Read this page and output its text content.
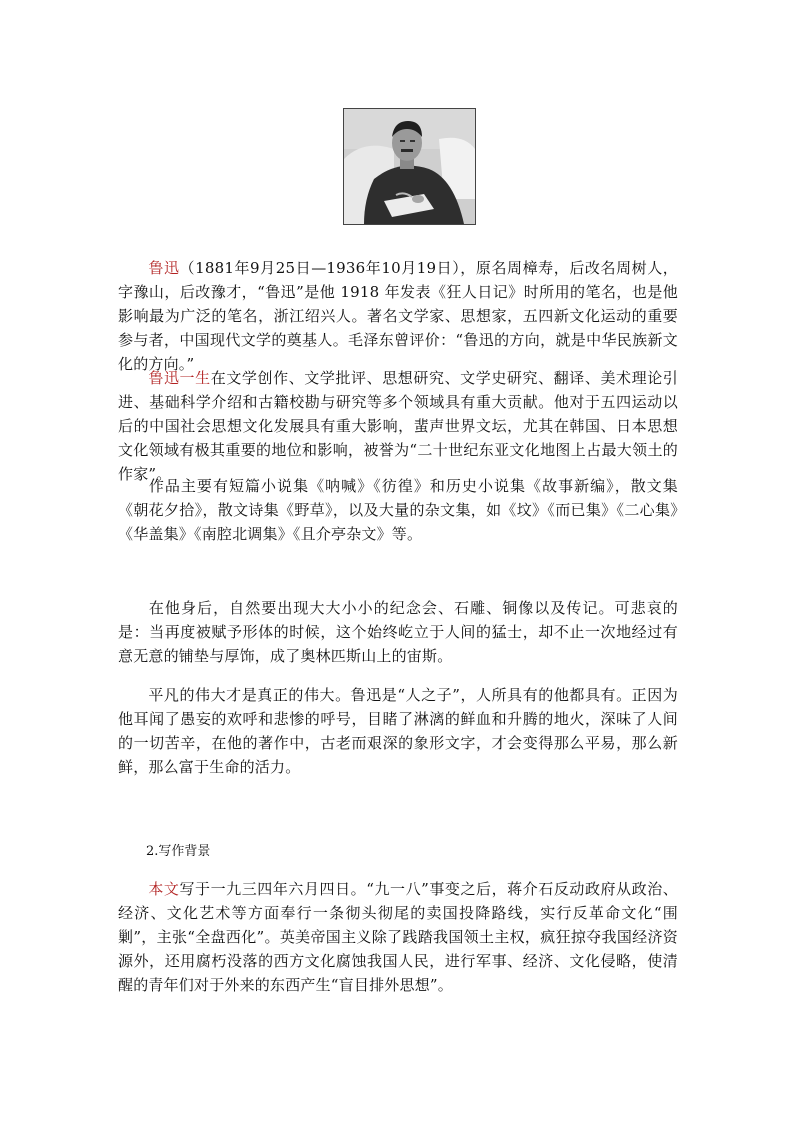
鲁迅（1881年9月25日—1936年10月19日），原名周樟寿，后改名周树人，字豫山，后改豫才，“鲁迅”是他 1918 年发表《狂人日记》时所用的笔名，也是他影响最为广泛的笔名，浙江绍兴人。著名文学家、思想家，五四新文化运动的重要参与者，中国现代文学的奠基人。毛泽东曾评价：“鲁迅的方向，就是中华民族新文化的方向。”

鲁迅一生在文学创作、文学批评、思想研究、文学史研究、翻译、美术理论引进、基础科学介绍和古籍校勘与研究等多个领域具有重大贡献。他对于五四运动以后的中国社会思想文化发展具有重大影响，蜚声世界文坛，尤其在韩国、日本思想文化领域有极其重要的地位和影响，被誉为“二十世纪东亚文化地图上占最大领土的作家”。

作品主要有短篇小说集《呐喊》《彷徨》和历史小说集《故事新编》，散文集《朝花夕拾》，散文诗集《野草》，以及大量的杂文集，如《坟》《而已集》《二心集》《华盖集》《南腔北调集》《且介亭杂文》等。

在他身后，自然要出现大大小小的纪念会、石雕、铜像以及传记。可悲哀的是：当再度被赋予形体的时候，这个始终屹立于人间的猛士，却不止一次地经过有意无意的铺垫与厚饰，成了奥林匹斯山上的宙斯。

平凡的伟大才是真正的伟大。鲁迅是“人之子”，人所具有的他都具有。正因为他耳闻了愚妄的欢呼和悲惨的呼号，目睹了淋漓的鲜血和升腾的地火，深味了人间的一切苦辛，在他的著作中，古老而艰深的象形文字，才会变得那么平易，那么新鲜，那么富于生命的活力。

2.写作背景

本文写于一九三四年六月四日。“九一八”事变之后，蒋介石反动政府从政治、经济、文化艺术等方面奉行一条彻头彻尾的卖国投降路线，实行反革命文化“围剿”，主张“全盘西化”。英美帝国主义除了践踏我国领土主权，疯狂掠夺我国经济资源外，还用腐朽没落的西方文化腐蚀我国人民，进行军事、经济、文化侵略，使清醒的青年们对于外来的东西产生“盲目排外思想”。
